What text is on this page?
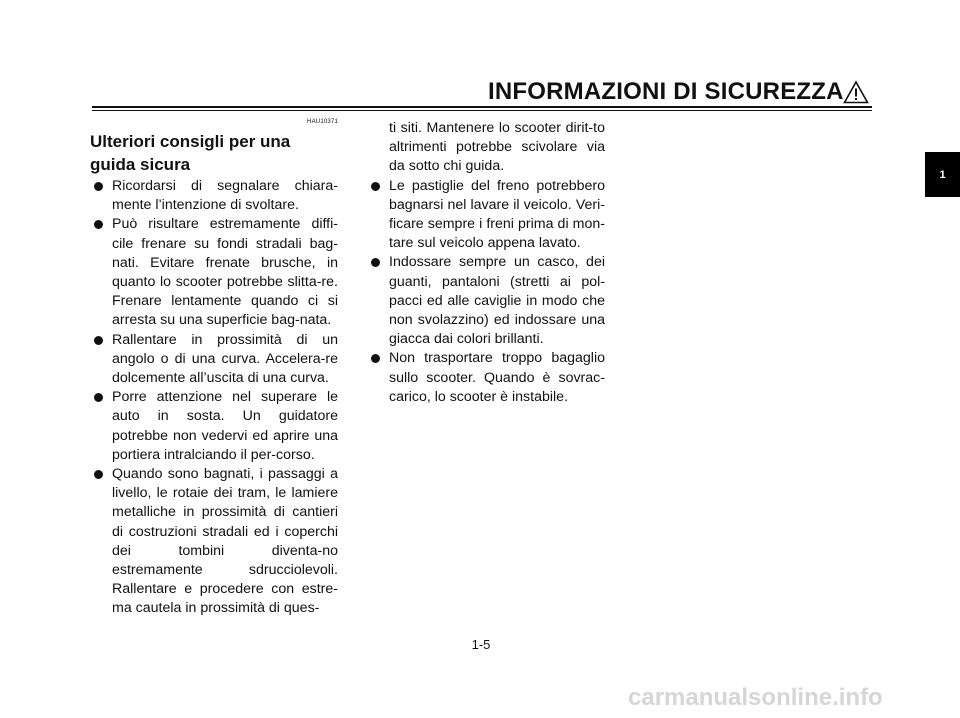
INFORMAZIONI DI SICUREZZA
1
HAU10371
Ulteriori consigli per una guida sicura
Ricordarsi di segnalare chiara-mente l’intenzione di svoltare.
Può risultare estremamente diffi-cile frenare su fondi stradali bag-nati. Evitare frenate brusche, in quanto lo scooter potrebbe slitta-re. Frenare lentamente quando ci si arresta su una superficie bag-nata.
Rallentare in prossimità di un angolo o di una curva. Accelera-re dolcemente all’uscita di una curva.
Porre attenzione nel superare le auto in sosta. Un guidatore potrebbe non vedervi ed aprire una portiera intralciando il per-corso.
Quando sono bagnati, i passaggi a livello, le rotaie dei tram, le lamiere metalliche in prossimità di cantieri di costruzioni stradali ed i coperchi dei tombini diventa-no estremamente sdrucciolevoli. Rallentare e procedere con estre-ma cautela in prossimità di ques-
ti siti. Mantenere lo scooter dirit-to altrimenti potrebbe scivolare via da sotto chi guida.
Le pastiglie del freno potrebbero bagnarsi nel lavare il veicolo. Veri-ficare sempre i freni prima di mon-tare sul veicolo appena lavato.
Indossare sempre un casco, dei guanti, pantaloni (stretti ai pol-pacci ed alle caviglie in modo che non svolazzino) ed indossare una giacca dai colori brillanti.
Non trasportare troppo bagaglio sullo scooter. Quando è sovrac-carico, lo scooter è instabile.
1-5
carmanualsonline.info
